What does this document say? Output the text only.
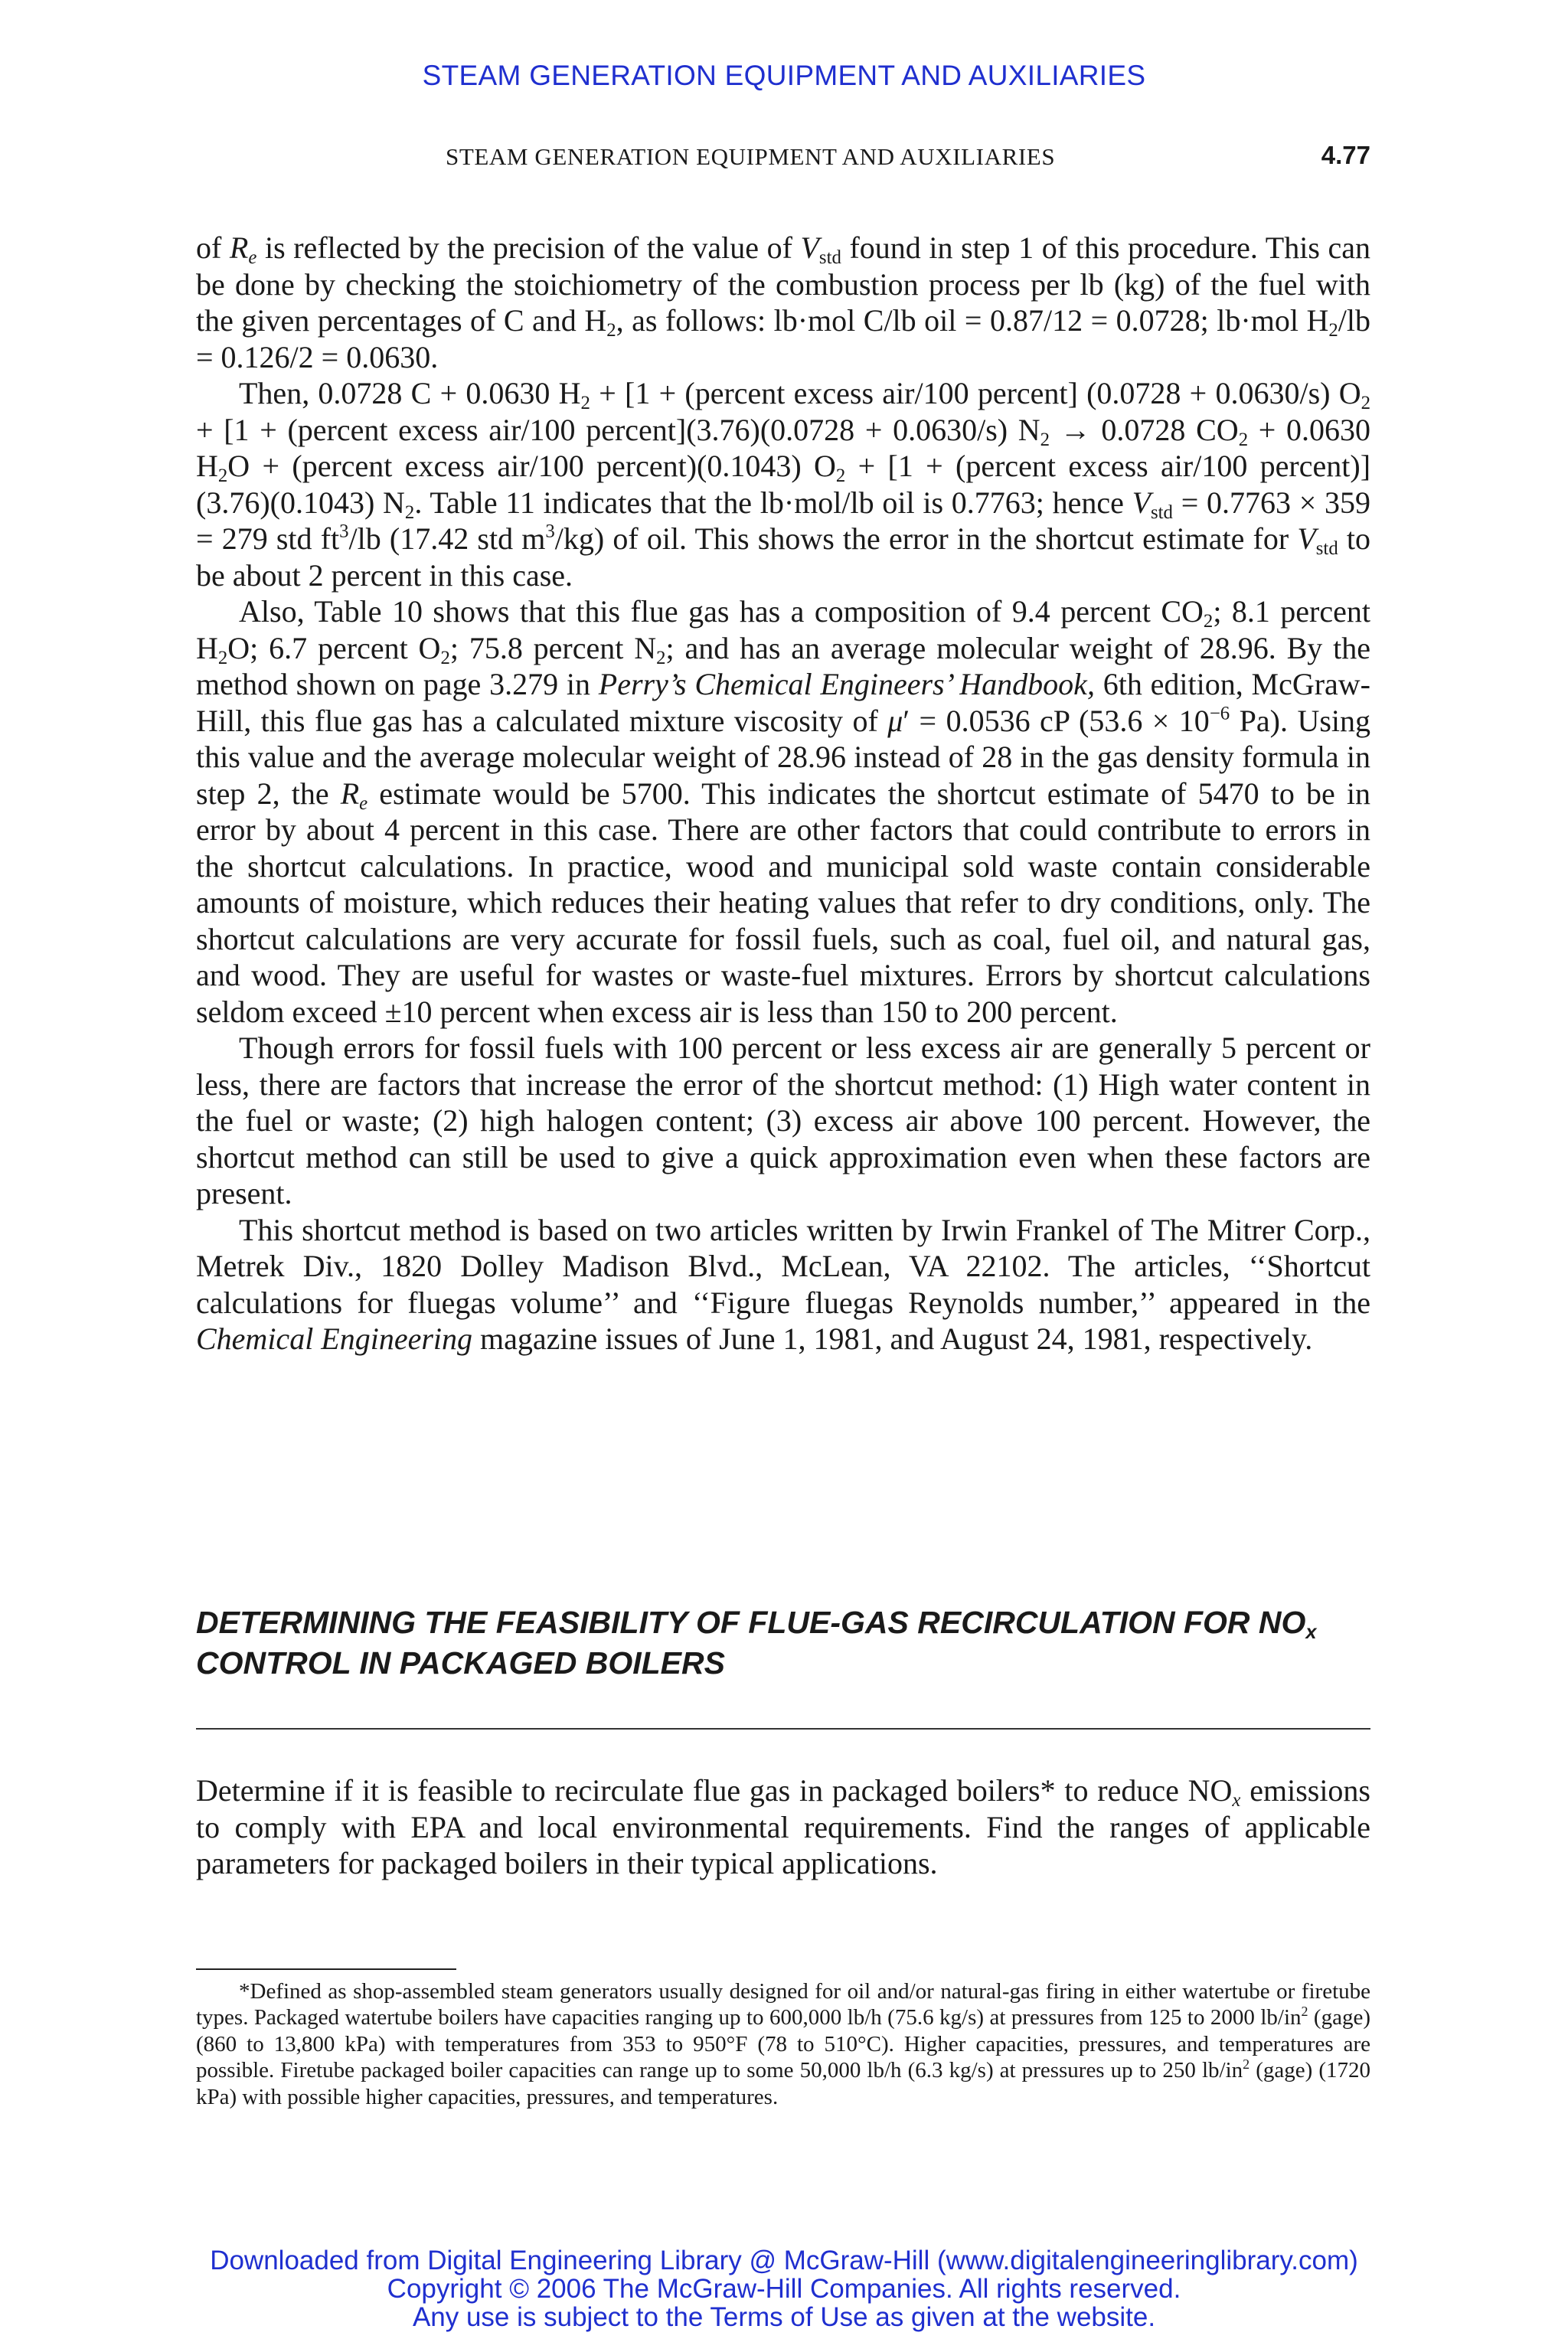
STEAM GENERATION EQUIPMENT AND AUXILIARIES
STEAM GENERATION EQUIPMENT AND AUXILIARIES	4.77

of $R_e$ is reflected by the precision of the value of $V_{std}$ found in step 1 of this procedure. This can be done by checking the stoichiometry of the combustion process per lb (kg) of the fuel with the given percentages of C and $H_2$, as follows: lb·mol C/lb oil = 0.87/12 = 0.0728; lb·mol $H_2/lb = 0.126/2 = 0.0630$.

Then, 0.0728 C + 0.0630 $H_2 + [1$ + (percent excess air/100 percent] (0.0728 + 0.0630/s) $O_2 + [1$ + (percent excess air/100 percent](3.76)(0.0728 + 0.0630/s) $N_2 \to 0.0728$ $CO_2 + 0.0630$ $H_2O$ + (percent excess air/100 percent)(0.1043) $O_2 + [1$ + (percent excess air/100 percent)](3.76)(0.1043) $N_2$. Table 11 indicates that the lb·mol/lb oil is 0.7763; hence $V_{std} = 0.7763 \times 359 = 279$ std $ft^3/lb$ (17.42 std $m^3/kg$) of oil. This shows the error in the shortcut estimate for $V_{std}$ to be about 2 percent in this case.

Also, Table 10 shows that this flue gas has a composition of 9.4 percent $CO_2$; 8.1 percent $H_2O$; 6.7 percent $O_2$; 75.8 percent $N_2$; and has an average molecular weight of 28.96. By the method shown on page 3.279 in Perry’s Chemical Engineers’ Handbook, 6th edition, McGraw-Hill, this flue gas has a calculated mixture viscosity of μ′ = 0.0536 cP ($53.6 \times 10^{-6}$ Pa). Using this value and the average molecular weight of 28.96 instead of 28 in the gas density formula in step 2, the $R_e$ estimate would be 5700. This indicates the shortcut estimate of 5470 to be in error by about 4 percent in this case. There are other factors that could contribute to errors in the shortcut calculations. In practice, wood and municipal sold waste contain considerable amounts of moisture, which reduces their heating values that refer to dry conditions, only. The shortcut calculations are very accurate for fossil fuels, such as coal, fuel oil, and natural gas, and wood. They are useful for wastes or waste-fuel mixtures. Errors by shortcut calculations seldom exceed ±10 percent when excess air is less than 150 to 200 percent.

Though errors for fossil fuels with 100 percent or less excess air are generally 5 percent or less, there are factors that increase the error of the shortcut method: (1) High water content in the fuel or waste; (2) high halogen content; (3) excess air above 100 percent. However, the shortcut method can still be used to give a quick approximation even when these factors are present.

This shortcut method is based on two articles written by Irwin Frankel of The Mitrer Corp., Metrek Div., 1820 Dolley Madison Blvd., McLean, VA 22102. The articles, ‘‘Shortcut calculations for fluegas volume’’ and ‘‘Figure fluegas Reynolds number,’’ appeared in the Chemical Engineering magazine issues of June 1, 1981, and August 24, 1981, respectively.

DETERMINING THE FEASIBILITY OF FLUE-GAS RECIRCULATION FOR $NO_x$ CONTROL IN PACKAGED BOILERS

Determine if it is feasible to recirculate flue gas in packaged boilers* to reduce $NO_x$ emissions to comply with EPA and local environmental requirements. Find the ranges of applicable parameters for packaged boilers in their typical applications.

*Defined as shop-assembled steam generators usually designed for oil and/or natural-gas firing in either watertube or firetube types. Packaged watertube boilers have capacities ranging up to 600,000 lb/h (75.6 kg/s) at pressures from 125 to 2000 $lb/in^2$ (gage) (860 to 13,800 kPa) with temperatures from 353 to 950°F (78 to 510°C). Higher capacities, pressures, and temperatures are possible. Firetube packaged boiler capacities can range up to some 50,000 lb/h (6.3 kg/s) at pressures up to 250 $lb/in^2$ (gage) (1720 kPa) with possible higher capacities, pressures, and temperatures.

Downloaded from Digital Engineering Library @ McGraw-Hill (www.digitalengineeringlibrary.com)
Copyright © 2006 The McGraw-Hill Companies. All rights reserved.
Any use is subject to the Terms of Use as given at the website.
